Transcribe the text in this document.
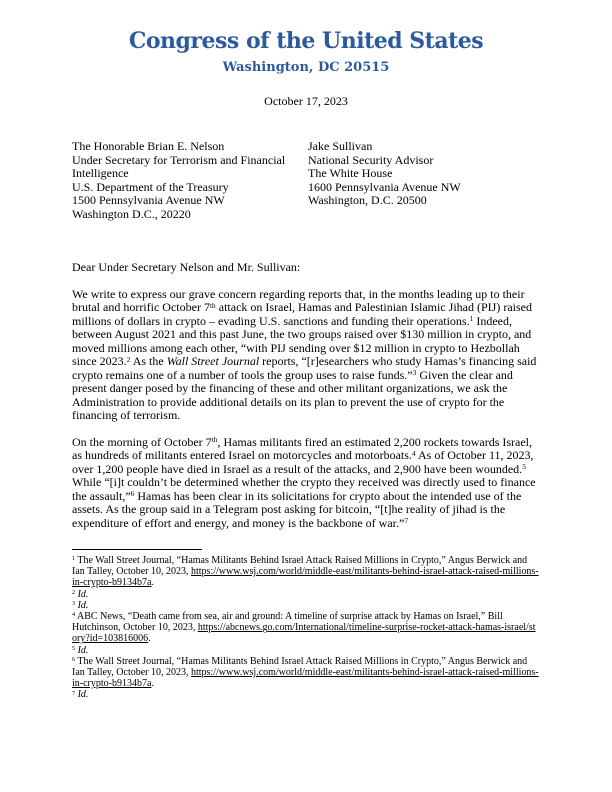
Congress of the United States
Washington, DC 20515
October 17, 2023
The Honorable Brian E. Nelson
Under Secretary for Terrorism and Financial Intelligence
U.S. Department of the Treasury
1500 Pennsylvania Avenue NW
Washington D.C., 20220
Jake Sullivan
National Security Advisor
The White House
1600 Pennsylvania Avenue NW
Washington, D.C. 20500
Dear Under Secretary Nelson and Mr. Sullivan:

We write to express our grave concern regarding reports that, in the months leading up to their brutal and horrific October 7th attack on Israel, Hamas and Palestinian Islamic Jihad (PIJ) raised millions of dollars in crypto – evading U.S. sanctions and funding their operations.$^1$ Indeed, between August 2021 and this past June, the two groups raised over $130 million in crypto, and moved millions among each other, “with PIJ sending over $12 million in crypto to Hezbollah since 2023.$^2$ As the Wall Street Journal reports, “[r]esearchers who study Hamas’s financing said crypto remains one of a number of tools the group uses to raise funds.”$^3$ Given the clear and present danger posed by the financing of these and other militant organizations, we ask the Administration to provide additional details on its plan to prevent the use of crypto for the financing of terrorism.

On the morning of October 7th, Hamas militants fired an estimated 2,200 rockets towards Israel, as hundreds of militants entered Israel on motorcycles and motorboats.$^4$ As of October 11, 2023, over 1,200 people have died in Israel as a result of the attacks, and 2,900 have been wounded.$^5$ While “[i]t couldn’t be determined whether the crypto they received was directly used to finance the assault,”$^6$ Hamas has been clear in its solicitations for crypto about the intended use of the assets. As the group said in a Telegram post asking for bitcoin, “[t]he reality of jihad is the expenditure of effort and energy, and money is the backbone of war.”$^7$

$^1$ The Wall Street Journal, “Hamas Militants Behind Israel Attack Raised Millions in Crypto,” Angus Berwick and Ian Talley, October 10, 2023, https://www.wsj.com/world/middle-east/militants-behind-israel-attack-raised-millions-in-crypto-b9134b7a.

$^2$ Id.

$^3$ Id.

$^4$ ABC News, “Death came from sea, air and ground: A timeline of surprise attack by Hamas on Israel,” Bill Hutchinson, October 10, 2023, https://abcnews.go.com/International/timeline-surprise-rocket-attack-hamas-israel/story?id=103816006.

$^5$ Id.

$^6$ The Wall Street Journal, “Hamas Militants Behind Israel Attack Raised Millions in Crypto,” Angus Berwick and Ian Talley, October 10, 2023, https://www.wsj.com/world/middle-east/militants-behind-israel-attack-raised-millions-in-crypto-b9134b7a.

$^7$ Id.
